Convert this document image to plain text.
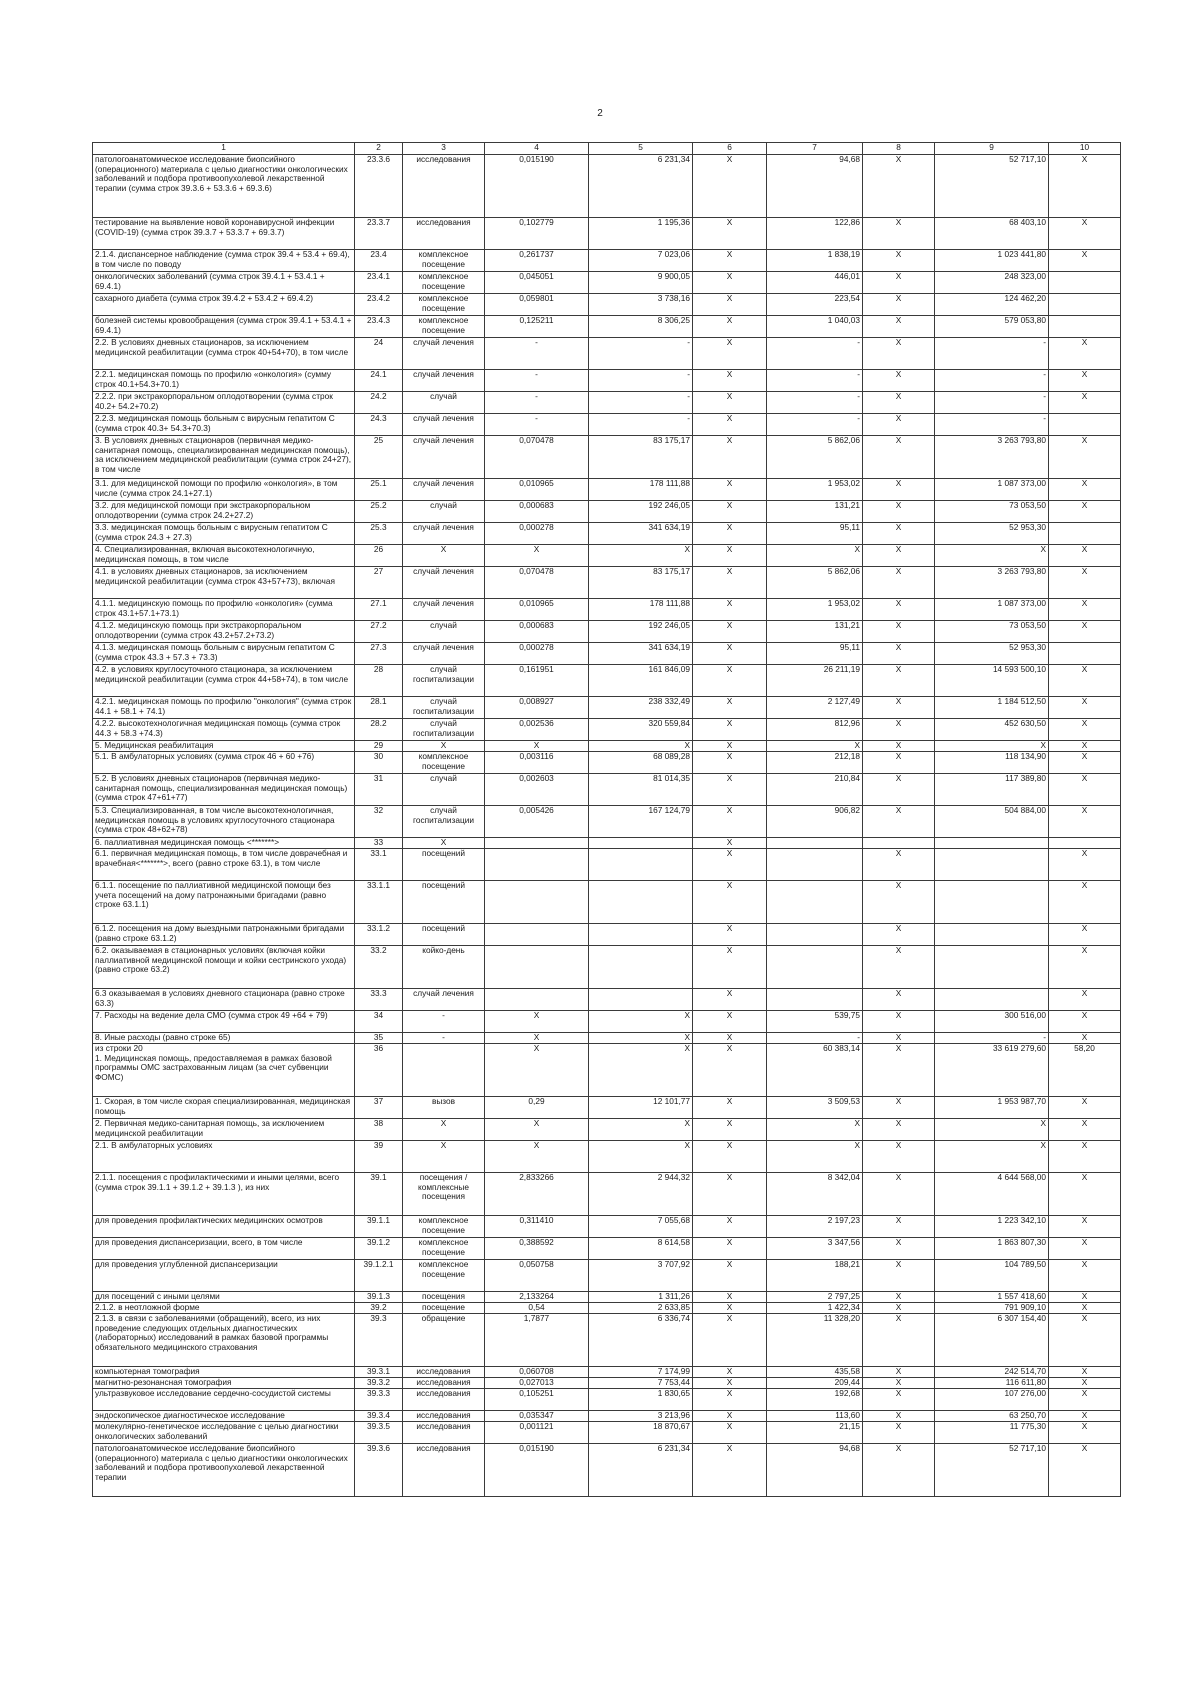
2
1	2	3	4	5	6	7	8	9	10
патологоанатомическое исследование биопсийного (операционного) материала с целью диагностики онкологических заболеваний и подбора противоопухолевой лекарственной терапии (сумма строк 39.3.6 + 53.3.6 + 69.3.6)	23.3.6	исследования	0,015190	6 231,34	X	94,68	X	52 717,10	X
тестирование на выявление новой коронавирусной инфекции (COVID-19) (сумма строк 39.3.7 + 53.3.7 + 69.3.7)	23.3.7	исследования	0,102779	1 195,36	X	122,86	X	68 403,10	X
2.1.4. диспансерное наблюдение (сумма строк 39.4 + 53.4 + 69.4), в том числе по поводу	23.4	комплексное посещение	0,261737	7 023,06	X	1 838,19	X	1 023 441,80	X
онкологических заболеваний (сумма строк 39.4.1 + 53.4.1 + 69.4.1)	23.4.1	комплексное посещение	0,045051	9 900,05	X	446,01	X	248 323,00	
сахарного диабета (сумма строк 39.4.2 + 53.4.2 + 69.4.2)	23.4.2	комплексное посещение	0,059801	3 738,16	X	223,54	X	124 462,20	
болезней системы кровообращения (сумма строк 39.4.1 + 53.4.1 + 69.4.1)	23.4.3	комплексное посещение	0,125211	8 306,25	X	1 040,03	X	579 053,80	
2.2. В условиях дневных стационаров, за исключением медицинской реабилитации (сумма строк 40+54+70), в том числе	24	случай лечения	-	-	X	-	X	-	X
2.2.1. медицинская помощь по профилю «онкология» (сумму строк 40.1+54.3+70.1)	24.1	случай лечения	-	-	X	-	X	-	X
2.2.2. при экстракорпоральном оплодотворении (сумма строк 40.2+ 54.2+70.2)	24.2	случай	-	-	X	-	X	-	X
2.2.3. медицинская помощь больным с вирусным гепатитом С (сумма строк 40.3+ 54.3+70.3)	24.3	случай лечения	-	-	X	-	X	-	
3. В условиях дневных стационаров (первичная медико-санитарная помощь, специализированная медицинская помощь), за исключением медицинской реабилитации (сумма строк 24+27), в том числе	25	случай лечения	0,070478	83 175,17	X	5 862,06	X	3 263 793,80	X
3.1. для медицинской помощи по профилю «онкология», в том числе (сумма строк 24.1+27.1)	25.1	случай лечения	0,010965	178 111,88	X	1 953,02	X	1 087 373,00	X
3.2. для медицинской помощи при экстракорпоральном оплодотворении (сумма строк 24.2+27.2)	25.2	случай	0,000683	192 246,05	X	131,21	X	73 053,50	X
3.3. медицинская помощь больным с вирусным гепатитом С (сумма строк 24.3 + 27.3)	25.3	случай лечения	0,000278	341 634,19	X	95,11	X	52 953,30	
4. Специализированная, включая высокотехнологичную, медицинская помощь, в том числе	26	X	X	X	X	X	X	X	X
4.1. в условиях дневных стационаров, за исключением медицинской реабилитации (сумма строк 43+57+73), включая	27	случай лечения	0,070478	83 175,17	X	5 862,06	X	3 263 793,80	X
4.1.1. медицинскую помощь по профилю «онкология» (сумма строк 43.1+57.1+73.1)	27.1	случай лечения	0,010965	178 111,88	X	1 953,02	X	1 087 373,00	X
4.1.2. медицинскую помощь при экстракорпоральном оплодотворении (сумма строк 43.2+57.2+73.2)	27.2	случай	0,000683	192 246,05	X	131,21	X	73 053,50	X
4.1.3. медицинская помощь больным с вирусным гепатитом С (сумма строк 43.3 + 57.3 + 73.3)	27.3	случай лечения	0,000278	341 634,19	X	95,11	X	52 953,30	
4.2. в условиях круглосуточного стационара, за исключением медицинской реабилитации (сумма строк 44+58+74), в том числе	28	случай госпитализации	0,161951	161 846,09	X	26 211,19	X	14 593 500,10	X
4.2.1. медицинская помощь по профилю "онкология" (сумма строк 44.1 + 58.1 + 74.1)	28.1	случай госпитализации	0,008927	238 332,49	X	2 127,49	X	1 184 512,50	X
4.2.2. высокотехнологичная медицинская помощь (сумма строк 44.3 + 58.3 +74.3)	28.2	случай госпитализации	0,002536	320 559,84	X	812,96	X	452 630,50	X
5. Медицинская реабилитация	29	X	X	X	X	X	X	X	X
5.1. В амбулаторных условиях (сумма строк 46 + 60 +76)	30	комплексное посещение	0,003116	68 089,28	X	212,18	X	118 134,90	X
5.2. В условиях дневных стационаров (первичная медико-санитарная помощь, специализированная медицинская помощь) (сумма строк 47+61+77)	31	случай	0,002603	81 014,35	X	210,84	X	117 389,80	X
5.3. Специализированная, в том числе высокотехнологичная, медицинская помощь в условиях круглосуточного стационара (сумма строк 48+62+78)	32	случай госпитализации	0,005426	167 124,79	X	906,82	X	504 884,00	X
6. паллиативная медицинская помощь <*******>	33	X			X				
6.1. первичная медицинская помощь, в том числе доврачебная и врачебная<*******>, всего (равно строке 63.1), в том числе	33.1	посещений			X		X		X
6.1.1. посещение по паллиативной медицинской помощи без учета посещений на дому патронажными бригадами (равно строке 63.1.1)	33.1.1	посещений			X		X		X
6.1.2. посещения на дому выездными патронажными бригадами (равно строке 63.1.2)	33.1.2	посещений			X		X		X
6.2. оказываемая в стационарных условиях (включая койки паллиативной медицинской помощи и койки сестринского ухода) (равно строке 63.2)	33.2	койко-день			X		X		X
6.3 оказываемая в условиях дневного стационара (равно строке 63.3)	33.3	случай лечения			X		X		X
7. Расходы на ведение дела СМО (сумма строк 49 +64 + 79)	34	-	X	X	X	539,75	X	300 516,00	X
8. Иные расходы (равно строке 65)	35	-	X	X	X	-	X	-	X
из строки 20
1. Медицинская помощь, предоставляемая в рамках базовой программы ОМС застрахованным лицам (за счет субвенции ФОМС)	36		X	X	X	60 383,14	X	33 619 279,60	58,20
1. Скорая, в том числе скорая специализированная, медицинская помощь	37	вызов	0,29	12 101,77	X	3 509,53	X	1 953 987,70	X
2. Первичная медико-санитарная помощь, за исключением медицинской реабилитации	38	X	X	X	X	X	X	X	X
2.1. В амбулаторных условиях	39	X	X	X	X	X	X	X	X
2.1.1. посещения с профилактическими и иными целями, всего (сумма строк 39.1.1 + 39.1.2 + 39.1.3 ), из них	39.1	посещения / комплексные посещения	2,833266	2 944,32	X	8 342,04	X	4 644 568,00	X
для проведения профилактических медицинских осмотров	39.1.1	комплексное посещение	0,311410	7 055,68	X	2 197,23	X	1 223 342,10	X
для проведения диспансеризации, всего, в том числе	39.1.2	комплексное посещение	0,388592	8 614,58	X	3 347,56	X	1 863 807,30	X
для проведения углубленной диспансеризации	39.1.2.1	комплексное посещение	0,050758	3 707,92	X	188,21	X	104 789,50	X
для посещений с иными целями	39.1.3	посещения	2,133264	1 311,26	X	2 797,25	X	1 557 418,60	X
2.1.2. в неотложной форме	39.2	посещение	0,54	2 633,85	X	1 422,34	X	791 909,10	X
2.1.3. в связи с заболеваниями (обращений), всего, из них проведение следующих отдельных диагностических (лабораторных) исследований в рамках базовой программы обязательного медицинского страхования	39.3	обращение	1,7877	6 336,74	X	11 328,20	X	6 307 154,40	X
компьютерная томография	39.3.1	исследования	0,060708	7 174,99	X	435,58	X	242 514,70	X
магнитно-резонансная томография	39.3.2	исследования	0,027013	7 753,44	X	209,44	X	116 611,80	X
ультразвуковое исследование сердечно-сосудистой системы	39.3.3	исследования	0,105251	1 830,65	X	192,68	X	107 276,00	X
эндоскопическое диагностическое исследование	39.3.4	исследования	0,035347	3 213,96	X	113,60	X	63 250,70	X
молекулярно-генетическое исследование с целью диагностики онкологических заболеваний	39.3.5	исследования	0,001121	18 870,67	X	21,15	X	11 775,30	X
патологоанатомическое исследование биопсийного (операционного) материала с целью диагностики онкологических заболеваний и подбора противоопухолевой лекарственной терапии	39.3.6	исследования	0,015190	6 231,34	X	94,68	X	52 717,10	X
